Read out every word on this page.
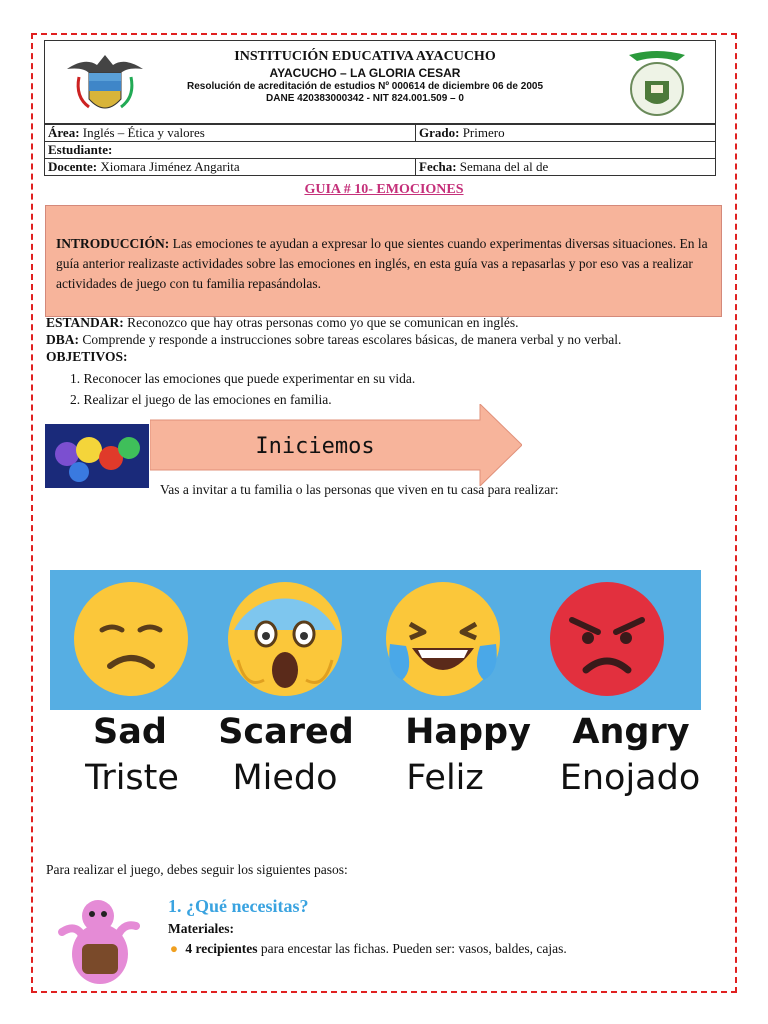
INSTITUCIÓN EDUCATIVA AYACUCHO
AYACUCHO – LA GLORIA CESAR
Resolución de acreditación de estudios Nº 000614 de diciembre 06 de 2005
DANE 420383000342 - NIT 824.001.509 – 0
Área: Inglés – Ética y valores	Grado: Primero
Estudiante:	
Docente: Xiomara Jiménez Angarita	Fecha: Semana del al de
GUIA # 10- EMOCIONES
INTRODUCCIÓN: Las emociones te ayudan a expresar lo que sientes cuando experimentas diversas situaciones. En la guía anterior realizaste actividades sobre las emociones en inglés, en esta guía vas a repasarlas y por eso vas a realizar actividades de juego con tu familia repasándolas.
ESTANDAR: Reconozco que hay otras personas como yo que se comunican en inglés.
DBA: Comprende y responde a instrucciones sobre tareas escolares básicas, de manera verbal y no verbal.
OBJETIVOS:
1. Reconocer las emociones que puede experimentar en su vida.
2. Realizar el juego de las emociones en familia.
Iniciemos
Vas a invitar a tu familia o las personas que viven en tu casa para realizar:
Sad	Scared	Happy	Angry
Triste	Miedo	Feliz	Enojado
Para realizar el juego, debes seguir los siguientes pasos:
1. ¿Qué necesitas?
Materiales:
● 4 recipientes para encestar las fichas. Pueden ser: vasos, baldes, cajas.
